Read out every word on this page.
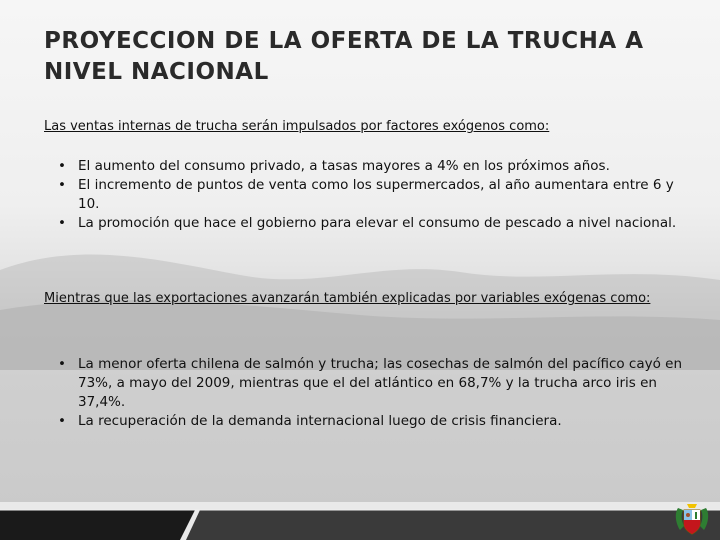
PROYECCION DE LA OFERTA DE LA TRUCHA A NIVEL NACIONAL
Las ventas internas de trucha serán impulsados por factores exógenos como:
• El aumento del consumo privado, a tasas mayores a 4% en los próximos años.
• El incremento de puntos de venta como los supermercados, al año aumentara entre 6 y 10.
• La promoción que hace el gobierno para elevar el consumo de pescado a nivel nacional.
Mientras que las exportaciones avanzarán también explicadas por variables exógenas como:
• La menor oferta chilena de salmón y trucha; las cosechas de salmón del pacífico cayó en 73%, a mayo del 2009, mientras que el del atlántico en 68,7% y la trucha arco iris en 37,4%.
• La recuperación de la demanda internacional luego de crisis financiera.
